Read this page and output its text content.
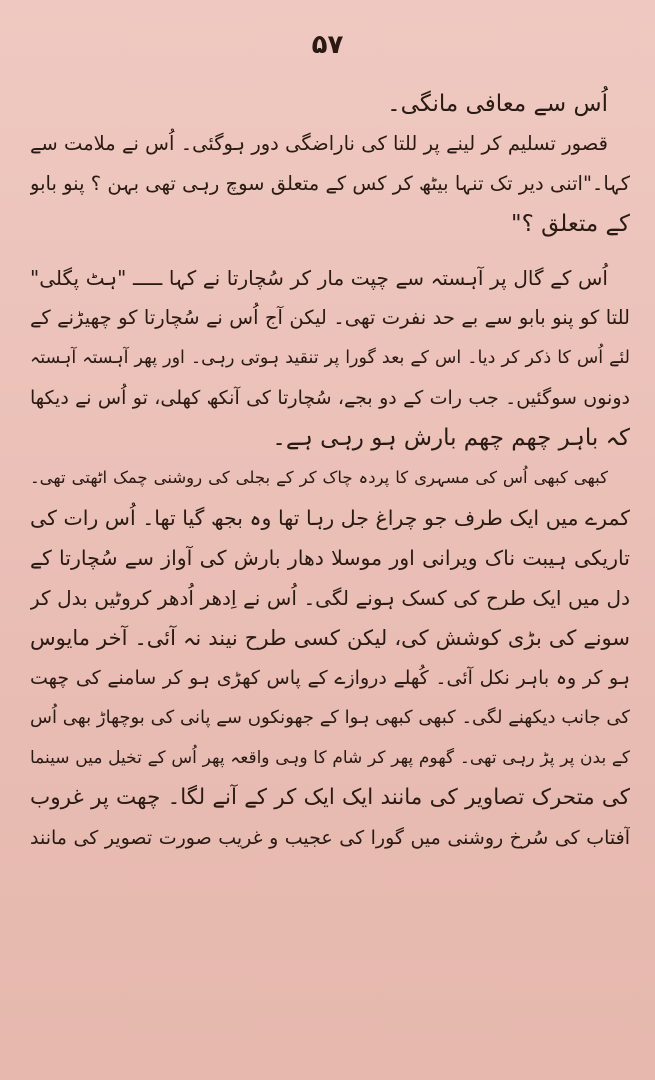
۵۷
اُس سے معافی مانگی۔
قصور تسلیم کر لینے پر للتا کی ناراضگی دور ہوگئی۔ اُس نے ملامت سے
کہا۔"اتنی دیر تک تنہا بیٹھ کر کس کے متعلق سوچ رہی تھی بہن ؟ پنو بابو
کے متعلق ؟"
اُس کے گال پر آہستہ سے چپت مار کر سُچارتا نے کہا ـــــ "ہٹ پگلی"
للتا کو پنو بابو سے بے حد نفرت تھی۔ لیکن آج اُس نے سُچارتا کو چھیڑنے کے
لئے اُس کا ذکر کر دیا۔ اس کے بعد گورا پر تنقید ہوتی رہی۔ اور پھر آہستہ آہستہ
دونوں سوگئیں۔ جب رات کے دو بجے، سُچارتا کی آنکھ کھلی، تو اُس نے دیکھا
کہ باہر چھم چھم بارش ہو رہی ہے۔
کبھی کبھی اُس کی مسہری کا پردہ چاک کر کے بجلی کی روشنی چمک اٹھتی تھی۔
کمرے میں ایک طرف جو چراغ جل رہا تھا وہ بجھ گیا تھا۔ اُس رات کی
تاریکی ہیبت ناک ویرانی اور موسلا دھار بارش کی آواز سے سُچارتا کے
دل میں ایک طرح کی کسک ہونے لگی۔ اُس نے اِدھر اُدھر کروٹیں بدل کر
سونے کی بڑی کوشش کی، لیکن کسی طرح نیند نہ آئی۔ آخر مایوس
ہو کر وہ باہر نکل آئی۔ کُھلے دروازے کے پاس کھڑی ہو کر سامنے کی چھت
کی جانب دیکھنے لگی۔ کبھی کبھی ہوا کے جھونکوں سے پانی کی بوچھاڑ بھی اُس
کے بدن پر پڑ رہی تھی۔ گھوم پھر کر شام کا وہی واقعہ پھر اُس کے تخیل میں سینما
کی متحرک تصاویر کی مانند ایک ایک کر کے آنے لگا۔ چھت پر غروب
آفتاب کی سُرخ روشنی میں گورا کی عجیب و غریب صورت تصویر کی مانند
